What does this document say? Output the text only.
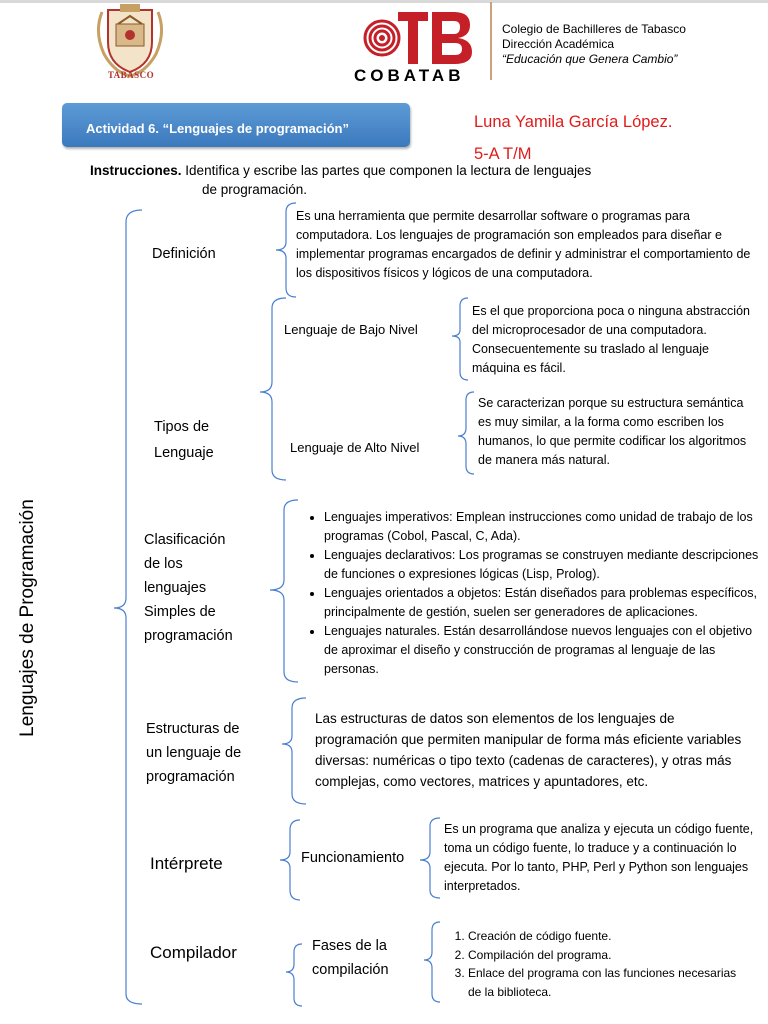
TABASCO	COBATAB
Colegio de Bachilleres de Tabasco
Dirección Académica
“Educación que Genera Cambio”
Actividad 6. “Lenguajes de programación”	Luna Yamila García López.
5-A T/M
Instrucciones. Identifica y escribe las partes que componen la lectura de lenguajes
de programación.
Lenguajes de Programación
Definición
Es una herramienta que permite desarrollar software o programas para computadora. Los lenguajes de programación son empleados para diseñar e implementar programas encargados de definir y administrar el comportamiento de los dispositivos físicos y lógicos de una computadora.
Tipos de
Lenguaje
Lenguaje de Bajo Nivel
Es el que proporciona poca o ninguna abstracción del microprocesador de una computadora. Consecuentemente su traslado al lenguaje máquina es fácil.
Lenguaje de Alto Nivel
Se caracterizan porque su estructura semántica es muy similar, a la forma como escriben los humanos, lo que permite codificar los algoritmos de manera más natural.
Clasificación
de los
lenguajes
Simples de
programación
• Lenguajes imperativos: Emplean instrucciones como unidad de trabajo de los programas (Cobol, Pascal, C, Ada).
• Lenguajes declarativos: Los programas se construyen mediante descripciones de funciones o expresiones lógicas (Lisp, Prolog).
• Lenguajes orientados a objetos: Están diseñados para problemas específicos, principalmente de gestión, suelen ser generadores de aplicaciones.
• Lenguajes naturales. Están desarrollándose nuevos lenguajes con el objetivo de aproximar el diseño y construcción de programas al lenguaje de las personas.
Estructuras de
un lenguaje de
programación
Las estructuras de datos son elementos de los lenguajes de programación que permiten manipular de forma más eficiente variables diversas: numéricas o tipo texto (cadenas de caracteres), y otras más complejas, como vectores, matrices y apuntadores, etc.
Intérprete	Funcionamiento
Es un programa que analiza y ejecuta un código fuente, toma un código fuente, lo traduce y a continuación lo ejecuta. Por lo tanto, PHP, Perl y Python son lenguajes interpretados.
Compilador	Fases de la
compilación
1. Creación de código fuente.
2. Compilación del programa.
3. Enlace del programa con las funciones necesarias de la biblioteca.
